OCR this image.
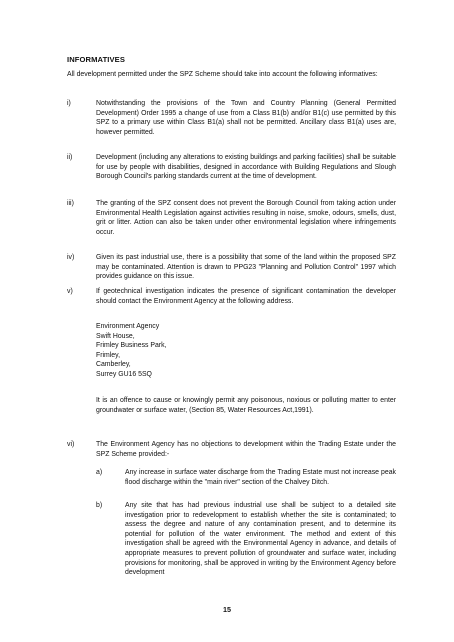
INFORMATIVES
All development permitted under the SPZ Scheme should take into account the following informatives:
i)	Notwithstanding the provisions of the Town and Country Planning (General Permitted Development) Order 1995 a change of use from a Class B1(b) and/or B1(c) use permitted by this SPZ to a primary use within Class B1(a) shall not be permitted. Ancillary class B1(a) uses are, however permitted.
ii)	Development (including any alterations to existing buildings and parking facilities) shall be suitable for use by people with disabilities, designed in accordance with Building Regulations and Slough Borough Council's parking standards current at the time of development.
iii)	The granting of the SPZ consent does not prevent the Borough Council from taking action under Environmental Health Legislation against activities resulting in noise, smoke, odours, smells, dust, grit or litter. Action can also be taken under other environmental legislation where infringements occur.
iv)	Given its past industrial use, there is a possibility that some of the land within the proposed SPZ may be contaminated. Attention is drawn to PPG23 "Planning and Pollution Control" 1997 which provides guidance on this issue.
v)	If geotechnical investigation indicates the presence of significant contamination the developer should contact the Environment Agency at the following address.
Environment Agency
Swift House,
Frimley Business Park,
Frimley,
Camberley,
Surrey GU16 5SQ
It is an offence to cause or knowingly permit any poisonous, noxious or polluting matter to enter groundwater or surface water, (Section 85, Water Resources Act,1991).
vi)	The Environment Agency has no objections to development within the Trading Estate under the SPZ Scheme provided:-
a)	Any increase in surface water discharge from the Trading Estate must not increase peak flood discharge within the "main river" section of the Chalvey Ditch.
b)	Any site that has had previous industrial use shall be subject to a detailed site investigation prior to redevelopment to establish whether the site is contaminated; to assess the degree and nature of any contamination present, and to determine its potential for pollution of the water environment. The method and extent of this investigation shall be agreed with the Environmental Agency in advance, and details of appropriate measures to prevent pollution of groundwater and surface water, including provisions for monitoring, shall be approved in writing by the Environment Agency before development
15
